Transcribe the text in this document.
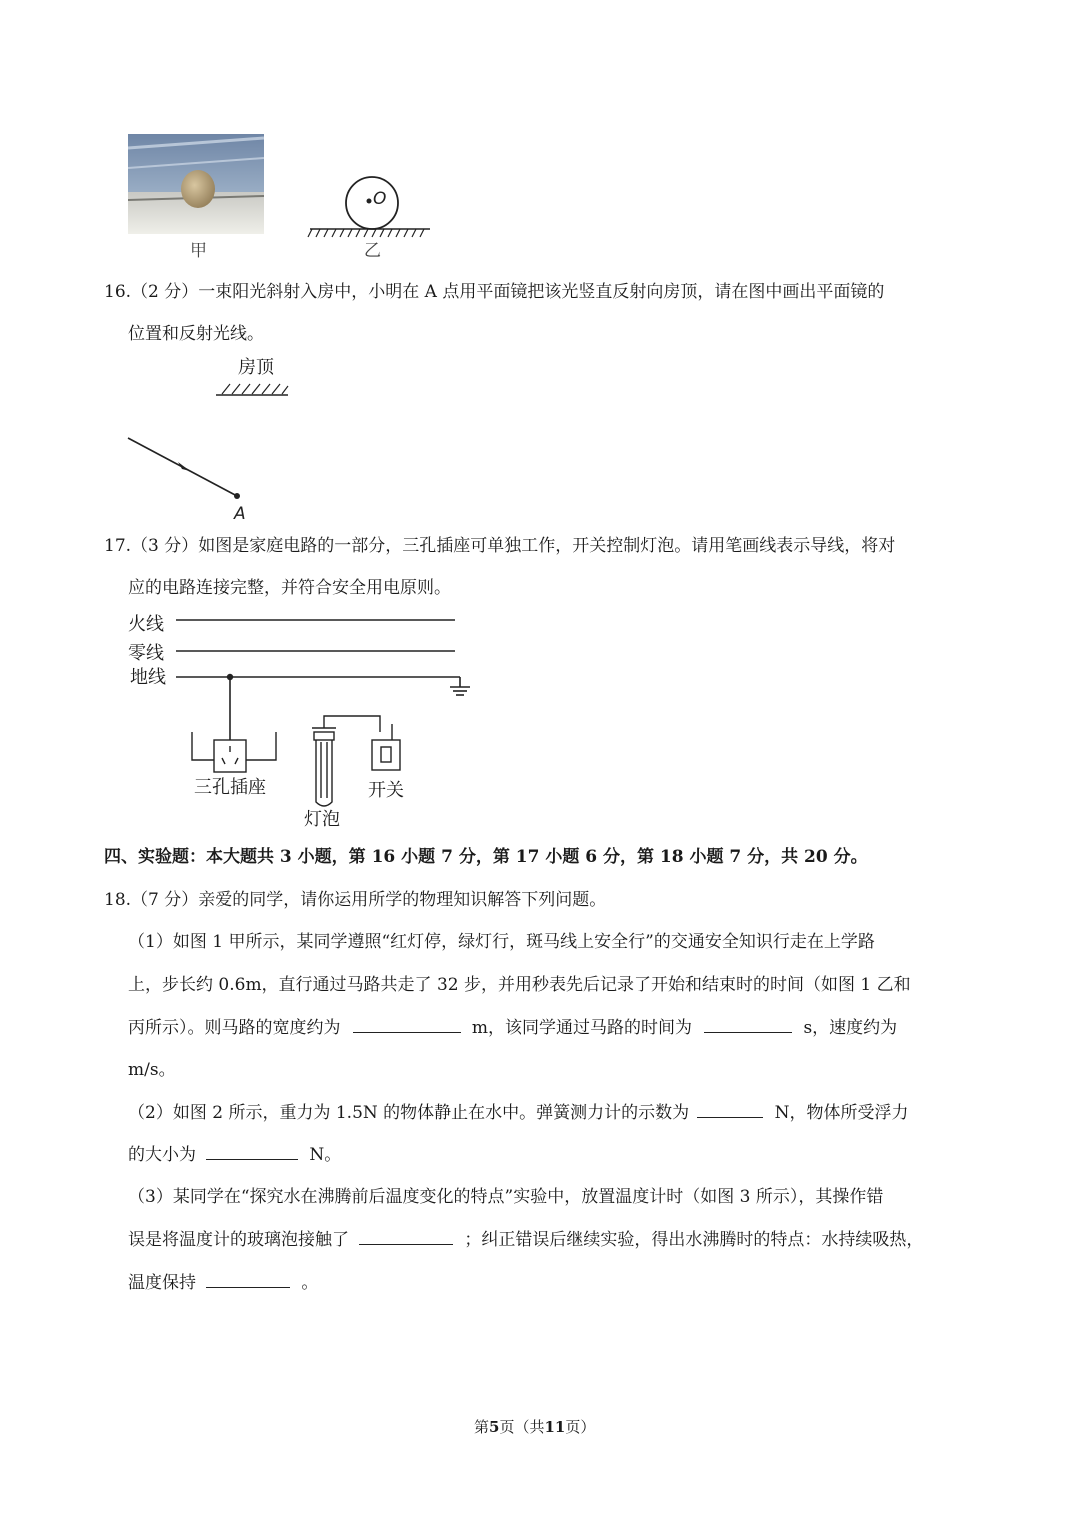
甲
O
乙
16.（2 分）一束阳光斜射入房中，小明在 A 点用平面镜把该光竖直反射向房顶，请在图中画出平面镜的
位置和反射光线。
房顶
A
17.（3 分）如图是家庭电路的一部分，三孔插座可单独工作，开关控制灯泡。请用笔画线表示导线，将对
应的电路连接完整，并符合安全用电原则。
火线
零线
地线
三孔插座	开关
灯泡
四、实验题：本大题共 3 小题，第 16 小题 7 分，第 17 小题 6 分，第 18 小题 7 分，共 20 分。
18.（7 分）亲爱的同学，请你运用所学的物理知识解答下列问题。
（1）如图 1 甲所示，某同学遵照“红灯停，绿灯行，斑马线上安全行”的交通安全知识行走在上学路
上，步长约 0.6m，直行通过马路共走了 32 步，并用秒表先后记录了开始和结束时的时间（如图 1 乙和
丙所示）。则马路的宽度约为	m，该同学通过马路的时间为	s，速度约为
m/s。
（2）如图 2 所示，重力为 1.5N 的物体静止在水中。弹簧测力计的示数为	N，物体所受浮力
的大小为	N。
（3）某同学在“探究水在沸腾前后温度变化的特点”实验中，放置温度计时（如图 3 所示），其操作错
误是将温度计的玻璃泡接触了	；纠正错误后继续实验，得出水沸腾时的特点：水持续吸热，
温度保持	。
第5页（共11页）
